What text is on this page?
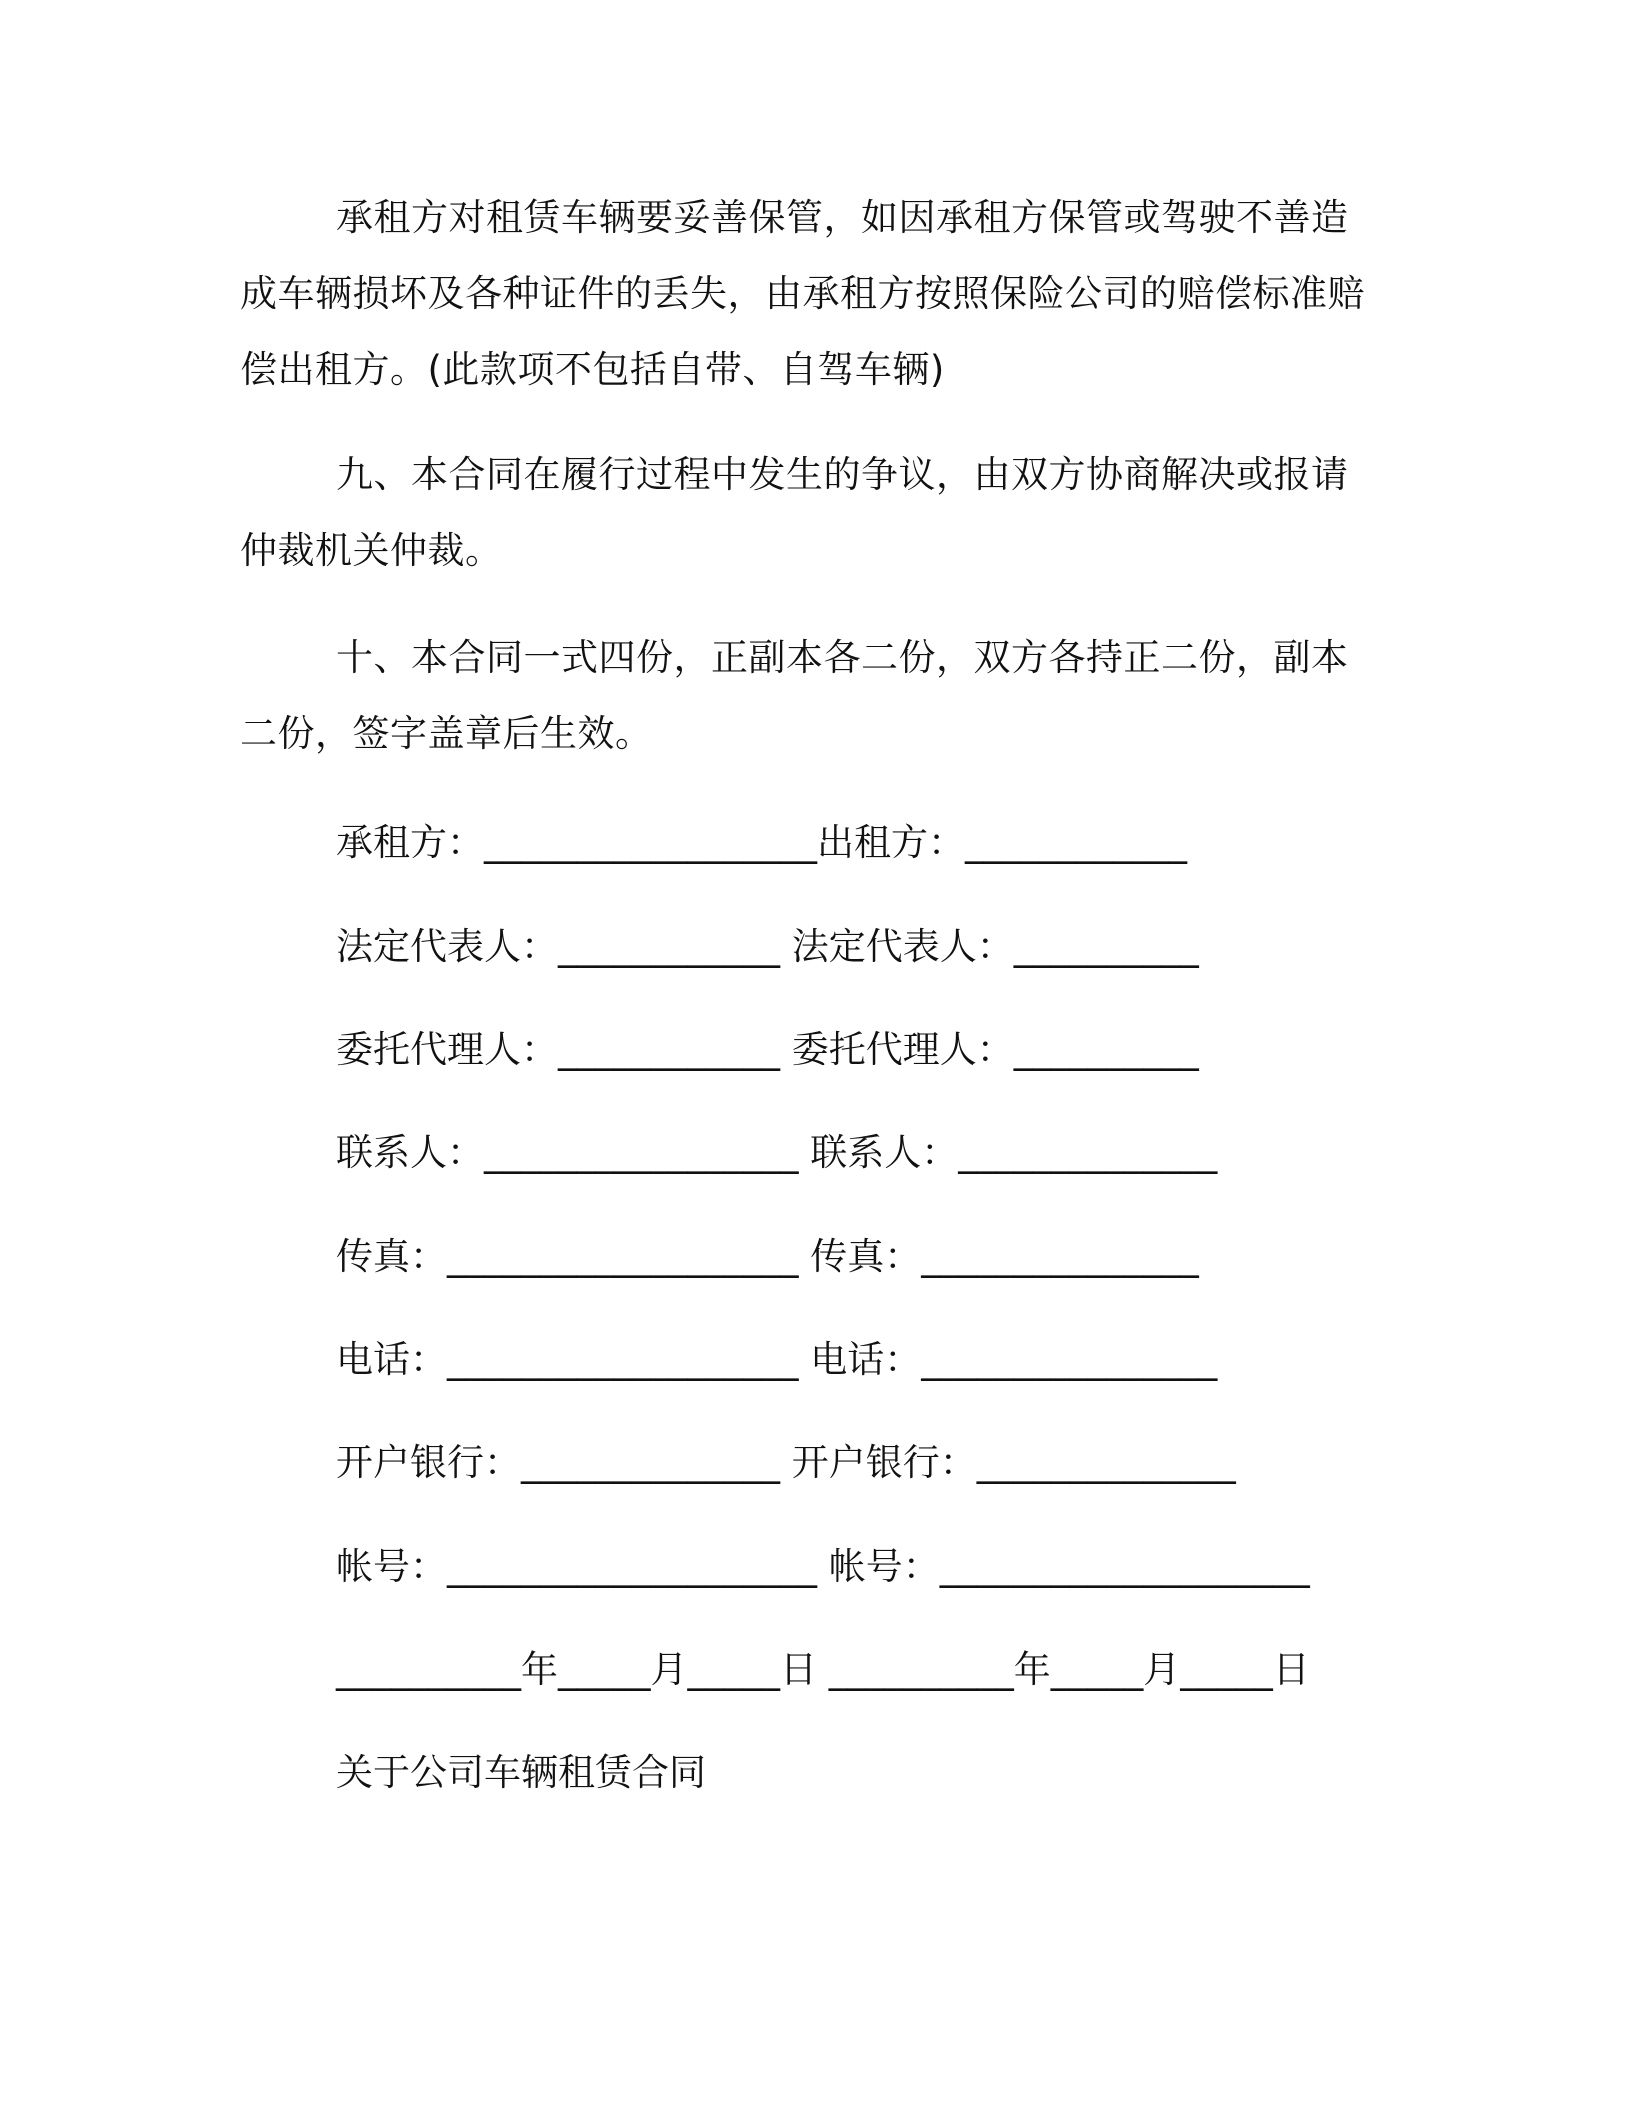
承租方对租赁车辆要妥善保管，如因承租方保管或驾驶不善造成车辆损坏及各种证件的丢失，由承租方按照保险公司的赔偿标准赔偿出租方。(此款项不包括自带、自驾车辆)

九、本合同在履行过程中发生的争议，由双方协商解决或报请仲裁机关仲裁。

十、本合同一式四份，正副本各二份，双方各持正二份，副本二份，签字盖章后生效。

承租方：__________________出租方：____________

法定代表人：____________ 法定代表人：__________

委托代理人：____________ 委托代理人：__________

联系人：_________________ 联系人：______________

传真：___________________ 传真：_______________

电话：___________________ 电话：________________

开户银行：______________ 开户银行：______________

帐号：____________________ 帐号：____________________

__________年_____月_____日 __________年_____月_____日

关于公司车辆租赁合同
